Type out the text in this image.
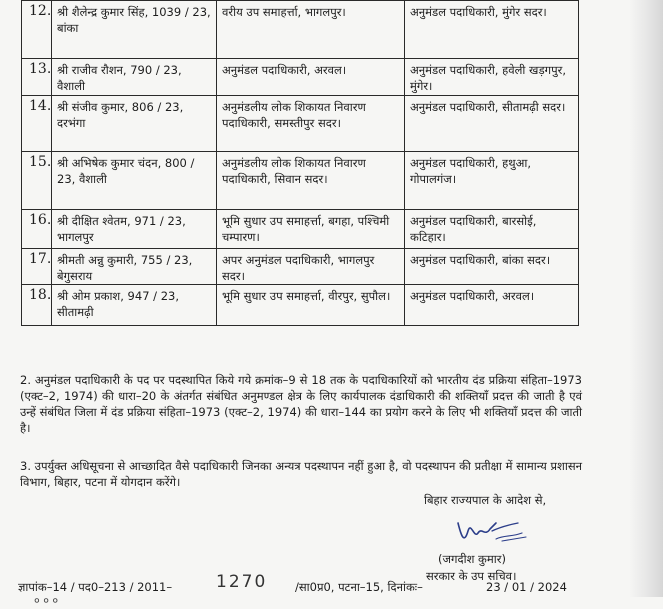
12.	श्री शैलेन्द्र कुमार सिंह, 1039 / 23, बांका	वरीय उप समाहर्त्ता, भागलपुर।	अनुमंडल पदाधिकारी, मुंगेर सदर।
13.	श्री राजीव रौशन, 790 / 23, वैशाली	अनुमंडल पदाधिकारी, अरवल।	अनुमंडल पदाधिकारी, हवेली खड़गपुर, मुंगेर।
14.	श्री संजीव कुमार, 806 / 23, दरभंगा	अनुमंडलीय लोक शिकायत निवारण पदाधिकारी, समस्तीपुर सदर।	अनुमंडल पदाधिकारी, सीतामढ़ी सदर।
15.	श्री अभिषेक कुमार चंदन, 800 / 23, वैशाली	अनुमंडलीय लोक शिकायत निवारण पदाधिकारी, सिवान सदर।	अनुमंडल पदाधिकारी, हथुआ, गोपालगंज।
16.	श्री दीक्षित श्वेतम, 971 / 23, भागलपुर	भूमि सुधार उप समाहर्त्ता, बगहा, पश्चिमी चम्पारण।	अनुमंडल पदाधिकारी, बारसोई, कटिहार।
17.	श्रीमती अन्नु कुमारी, 755 / 23, बेगुसराय	अपर अनुमंडल पदाधिकारी, भागलपुर सदर।	अनुमंडल पदाधिकारी, बांका सदर।
18.	श्री ओम प्रकाश, 947 / 23, सीतामढ़ी	भूमि सुधार उप समाहर्त्ता, वीरपुर, सुपौल।	अनुमंडल पदाधिकारी, अरवल।

2. अनुमंडल पदाधिकारी के पद पर पदस्थापित किये गये क्रमांक–9 से 18 तक के पदाधिकारियों को भारतीय दंड प्रक्रिया संहिता–1973 (एक्ट–2, 1974) की धारा–20 के अंतर्गत संबंधित अनुमण्डल क्षेत्र के लिए कार्यपालक दंडाधिकारी की शक्तियाँ प्रदत्त की जाती है एवं उन्हें संबंधित जिला में दंड प्रक्रिया संहिता–1973 (एक्ट–2, 1974) की धारा–144 का प्रयोग करने के लिए भी शक्तियाँ प्रदत्त की जाती है।

3. उपर्युक्त अधिसूचना से आच्छादित वैसे पदाधिकारी जिनका अन्यत्र पदस्थापन नहीं हुआ है, वो पदस्थापन की प्रतीक्षा में सामान्य प्रशासन विभाग, बिहार, पटना में योगदान करेंगे।

बिहार राज्यपाल के आदेश से,
(जगदीश कुमार)
सरकार के उप सचिव।
ज्ञापांक–14 / पद0–213 / 2011–	1270 /सा0प्र0, पटना–15, दिनांकः–	23 / 01 / 2024
० ० ०
